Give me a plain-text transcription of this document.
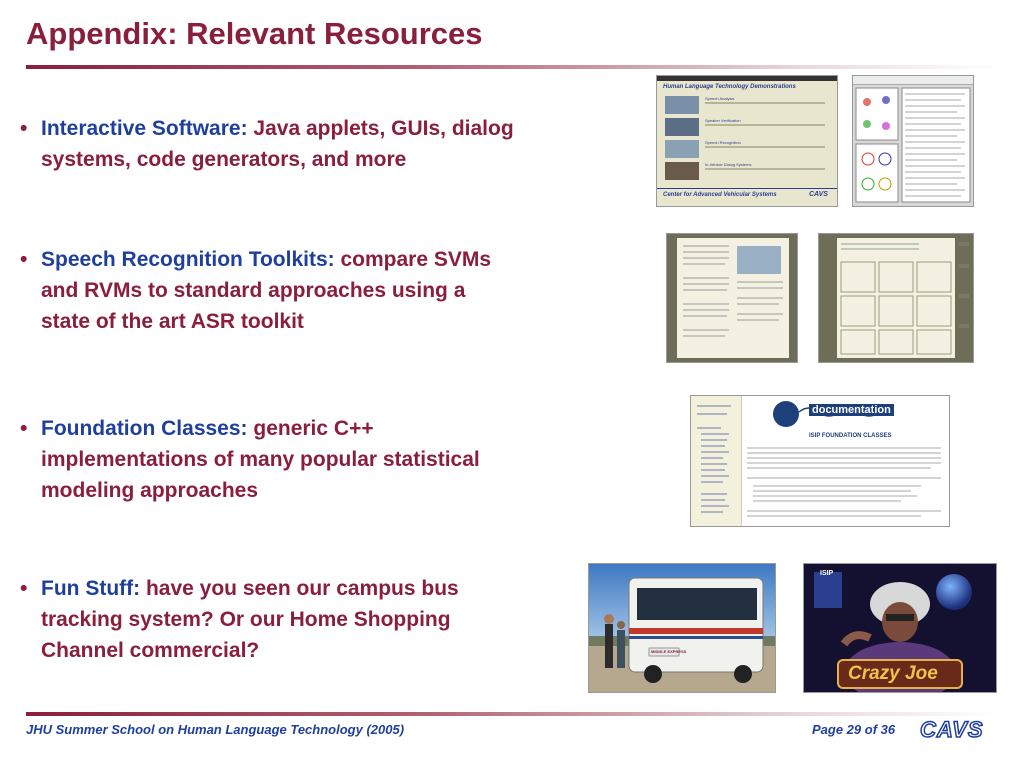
Appendix: Relevant Resources
• Interactive Software: Java applets, GUIs, dialog systems, code generators, and more
• Speech Recognition Toolkits: compare SVMs and RVMs to standard approaches using a state of the art ASR toolkit
• Foundation Classes: generic C++ implementations of many popular statistical modeling approaches
• Fun Stuff: have you seen our campus bus tracking system? Or our Home Shopping Channel commercial?
Human Language Technology Demonstrations
Speech Analysis
Speaker Verification
Speech Recognition
In-Vehicle Dialog Systems
Center for Advanced Vehicular Systems	CAVS
documentation
ISIP FOUNDATION CLASSES
MIDDLE EXPRESS
ISIP
Crazy Joe
JHU Summer School on Human Language Technology (2005)	Page 29 of 36 CAVS
